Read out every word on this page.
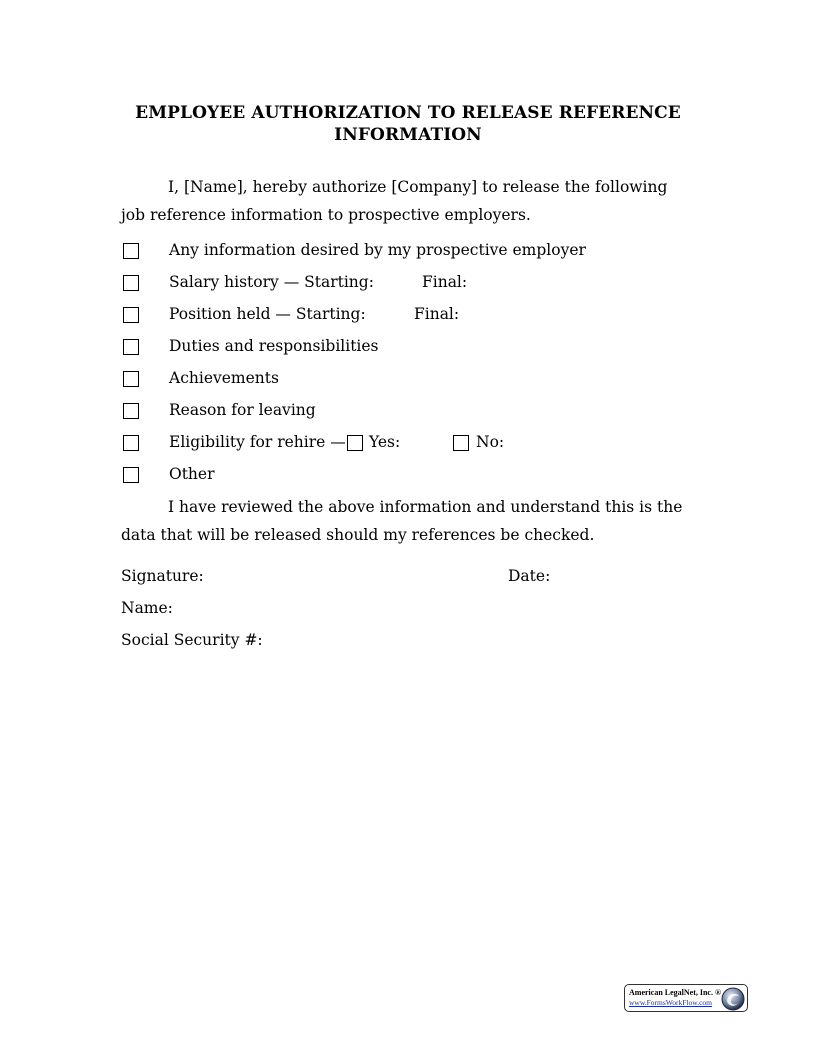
EMPLOYEE AUTHORIZATION TO RELEASE REFERENCE INFORMATION
I, [Name], hereby authorize [Company] to release the following job reference information to prospective employers.
Any information desired by my prospective employer
Salary history — Starting:	Final:
Position held — Starting:	Final:
Duties and responsibilities
Achievements
Reason for leaving
Eligibility for rehire — Yes:	No:
Other
I have reviewed the above information and understand this is the data that will be released should my references be checked.
Signature:	Date:
Name:
Social Security #:
American LegalNet, Inc. ®
www.FormsWorkFlow.com
